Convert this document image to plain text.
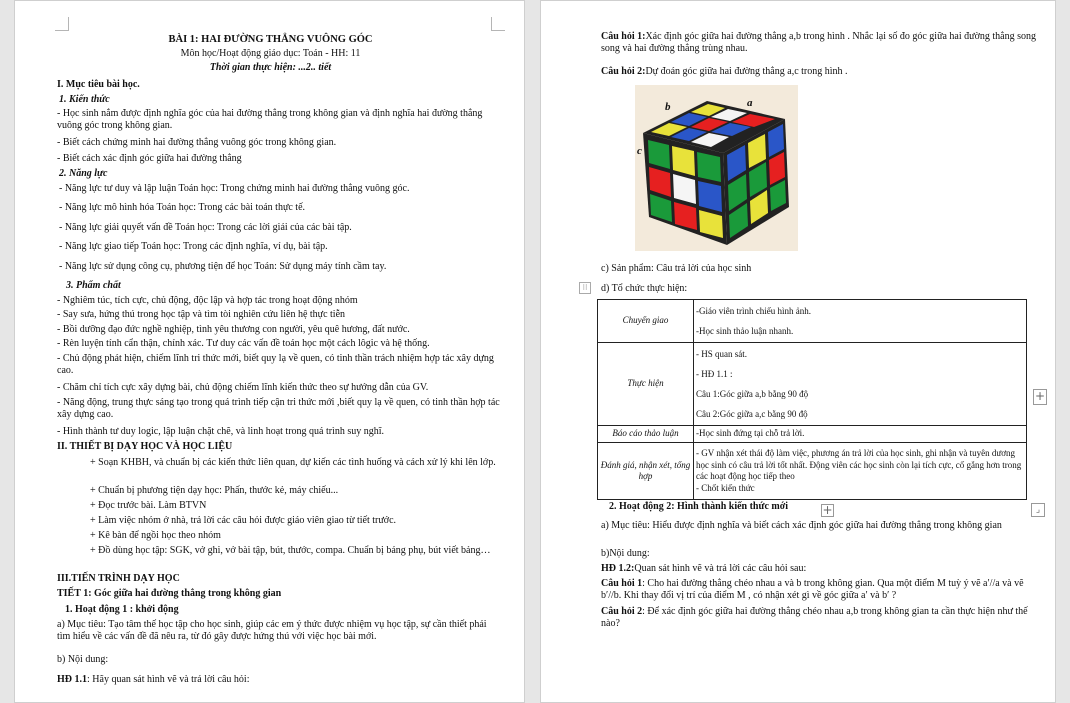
BÀI 1: HAI ĐƯỜNG THẲNG VUÔNG GÓC
Môn học/Hoạt động giáo dục: Toán - HH: 11
Thời gian thực hiện: ...2.. tiết
I. Mục tiêu bài học.
1. Kiến thức
- Học sinh nắm được định nghĩa góc của hai đường thẳng trong không gian và định nghĩa hai đường thẳng vuông góc trong không gian.
- Biết cách chứng minh hai đường thẳng vuông góc trong không gian.
- Biết cách xác định góc giữa hai đường thẳng
2. Năng lực
- Năng lực tư duy và lập luận Toán học: Trong chứng minh hai đường thẳng vuông góc.
- Năng lực mô hình hóa Toán học: Trong các bài toán thực tế.
- Năng lực giải quyết vấn đề Toán học: Trong các lời giải của các bài tập.
- Năng lực giao tiếp Toán học: Trong các định nghĩa, ví dụ, bài tập.
- Năng lực sử dụng công cụ, phương tiện để học Toán: Sử dụng máy tính cầm tay.
3. Phẩm chất
- Nghiêm túc, tích cực, chủ động, độc lập và hợp tác trong hoạt động nhóm
- Say sưa, hứng thú trong học tập và tìm tòi nghiên cứu liên hệ thực tiễn
- Bồi dưỡng đạo đức nghề nghiệp, tình yêu thương con người, yêu quê hương, đất nước.
- Rèn luyện tính cẩn thận, chính xác. Tư duy các vấn đề toán học một cách lôgic và hệ thống.
- Chủ động phát hiện, chiếm lĩnh tri thức mới, biết quy lạ về quen, có tinh thần trách nhiệm hợp tác xây dựng cao.
- Chăm chỉ tích cực xây dựng bài, chủ động chiếm lĩnh kiến thức theo sự hướng dẫn của GV.
- Năng động, trung thực sáng tạo trong quá trình tiếp cận tri thức mới ,biết quy lạ về quen, có tinh thần hợp tác xây dựng cao.
- Hình thành tư duy logic, lập luận chặt chẽ, và linh hoạt trong quá trình suy nghĩ.
II. THIẾT BỊ DẠY HỌC VÀ HỌC LIỆU
+ Soạn KHBH, và chuẩn bị các kiến thức liên quan, dự kiến các tình huống và cách xử lý khi lên lớp.
+ Chuẩn bị phương tiện dạy học: Phấn, thước kẻ, máy chiếu...
+ Đọc trước bài. Làm BTVN
+ Làm việc nhóm ở nhà, trả lời các câu hỏi được giáo viên giao từ tiết trước.
+ Kê bàn để ngồi học theo nhóm
+ Đồ dùng học tập: SGK, vở ghi, vở bài tập, bút, thước, compa. Chuẩn bị bảng phụ, bút viết bảng…
III.TIẾN TRÌNH DẠY HỌC
TIẾT 1: Góc giữa hai đường thẳng trong không gian
1. Hoạt động 1 : khởi động
a) Mục tiêu: Tạo tâm thế học tập cho học sinh, giúp các em ý thức được nhiệm vụ học tập, sự cần thiết phải tìm hiểu về các vấn đề đã nêu ra, từ đó gây được hứng thú với việc học bài mới.
b) Nội dung:
HĐ 1.1: Hãy quan sát hình vẽ và trả lời câu hỏi:
Câu hỏi 1:Xác định góc giữa hai đường thẳng a,b trong hình . Nhắc lại số đo góc giữa hai đường thẳng song song và hai đường thẳng trùng nhau.
Câu hỏi 2:Dự đoán góc giữa hai đường thẳng a,c trong hình .
b	a
c
c) Sản phẩm: Câu trả lời của học sinh
⁝⁝	d) Tổ chức thực hiện:
Chuyển giao	-Giáo viên trình chiếu hình ảnh.
-Học sinh thảo luận nhanh.

Thực hiện	- HS quan sát.
- HĐ 1.1 :
Câu 1:Góc giữa a,b bằng 90 độ
Câu 2:Góc giữa a,c bằng 90 độ

Báo cáo thảo luận	-Học sinh đứng tại chỗ trả lời.
Đánh giá, nhận xét, tổng hợp	- GV nhận xét thái độ làm việc, phương án trả lời của học sinh, ghi nhận và tuyên dương học sinh có câu trả lời tốt nhất. Động viên các học sinh còn lại tích cực, cố gắng hơn trong các hoạt động học tiếp theo
- Chốt kiến thức
+
+	⌟
2. Hoạt động 2: Hình thành kiến thức mới
a) Mục tiêu: Hiểu được định nghĩa và biết cách xác định góc giữa hai đường thẳng trong không gian
b)Nội dung:
HĐ 1.2:Quan sát hình vẽ và trả lời các câu hỏi sau:
Câu hỏi 1: Cho hai đường thẳng chéo nhau a và b trong không gian. Qua một điểm M tuỳ ý vẽ a′//a và vẽ b′//b. Khi thay đổi vị trí của điểm M , có nhận xét gì về góc giữa a′ và b′ ?
Câu hỏi 2: Để xác định góc giữa hai đường thẳng chéo nhau a,b trong không gian ta cần thực hiện như thế nào?
